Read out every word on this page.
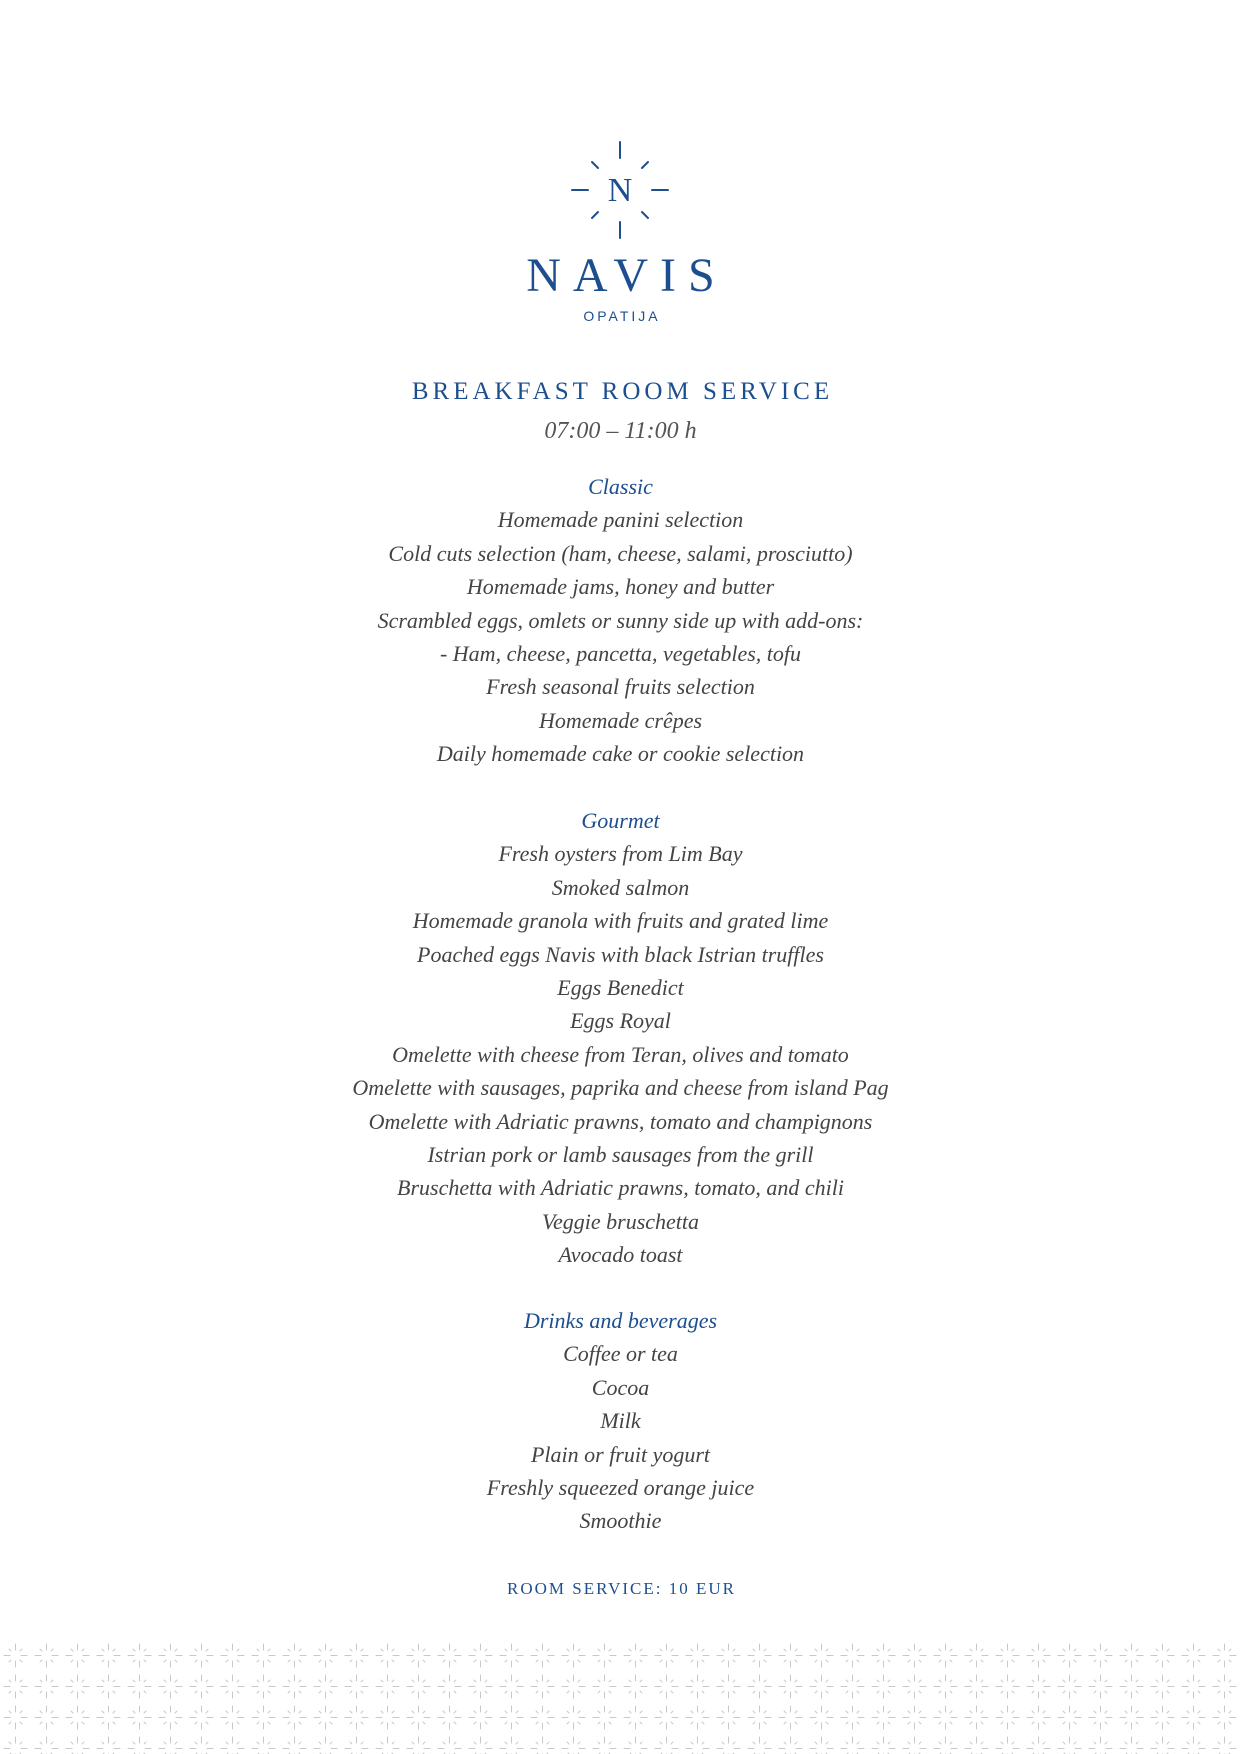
N
NAVIS
OPATIJA
BREAKFAST ROOM SERVICE
07:00 – 11:00 h
Classic
Homemade panini selection
Cold cuts selection (ham, cheese, salami, prosciutto)
Homemade jams, honey and butter
Scrambled eggs, omlets or sunny side up with add-ons:
- Ham, cheese, pancetta, vegetables, tofu
Fresh seasonal fruits selection
Homemade crêpes
Daily homemade cake or cookie selection
Gourmet
Fresh oysters from Lim Bay
Smoked salmon
Homemade granola with fruits and grated lime
Poached eggs Navis with black Istrian truffles
Eggs Benedict
Eggs Royal
Omelette with cheese from Teran, olives and tomato
Omelette with sausages, paprika and cheese from island Pag
Omelette with Adriatic prawns, tomato and champignons
Istrian pork or lamb sausages from the grill
Bruschetta with Adriatic prawns, tomato, and chili
Veggie bruschetta
Avocado toast
Drinks and beverages
Coffee or tea
Cocoa
Milk
Plain or fruit yogurt
Freshly squeezed orange juice
Smoothie
ROOM SERVICE: 10 EUR
